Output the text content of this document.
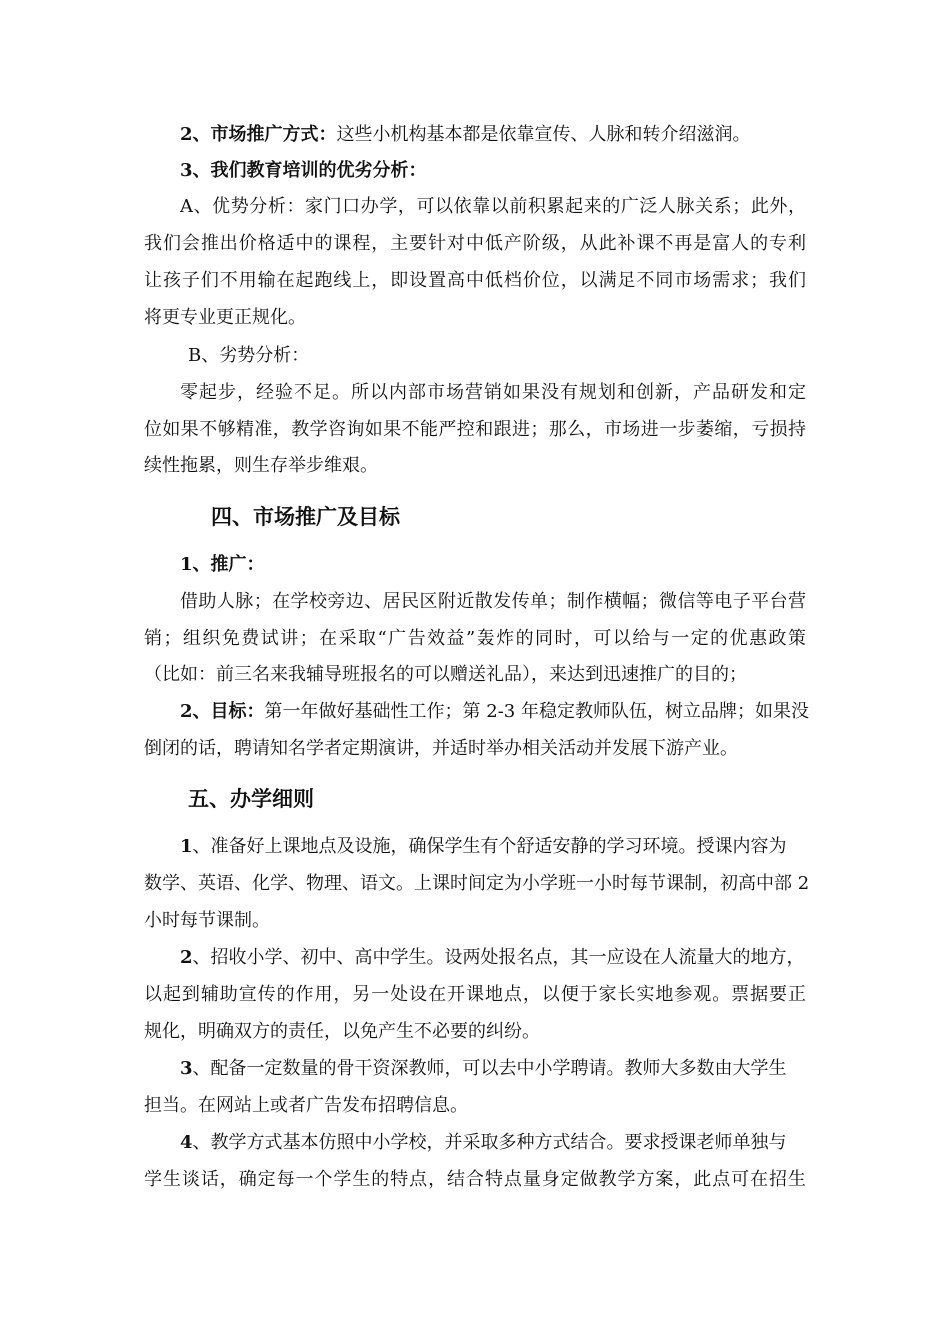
2、市场推广方式：这些小机构基本都是依靠宣传、人脉和转介绍滋润。
3、我们教育培训的优劣分析：
A、优势分析：家门口办学，可以依靠以前积累起来的广泛人脉关系；此外，
我们会推出价格适中的课程，主要针对中低产阶级，从此补课不再是富人的专利
让孩子们不用输在起跑线上，即设置高中低档价位，以满足不同市场需求；我们
将更专业更正规化。
B、劣势分析：
零起步，经验不足。所以内部市场营销如果没有规划和创新，产品研发和定
位如果不够精准，教学咨询如果不能严控和跟进；那么，市场进一步萎缩，亏损持
续性拖累，则生存举步维艰。
四、市场推广及目标
1、推广：
借助人脉；在学校旁边、居民区附近散发传单；制作横幅；微信等电子平台营
销；组织免费试讲；在采取“广告效益”轰炸的同时，可以给与一定的优惠政策
（比如：前三名来我辅导班报名的可以赠送礼品），来达到迅速推广的目的；
2、目标：第一年做好基础性工作；第 2-3 年稳定教师队伍，树立品牌；如果没
倒闭的话，聘请知名学者定期演讲，并适时举办相关活动并发展下游产业。
五、办学细则
1、准备好上课地点及设施，确保学生有个舒适安静的学习环境。授课内容为
数学、英语、化学、物理、语文。上课时间定为小学班一小时每节课制，初高中部 2
小时每节课制。
2、招收小学、初中、高中学生。设两处报名点，其一应设在人流量大的地方，
以起到辅助宣传的作用，另一处设在开课地点，以便于家长实地参观。票据要正
规化，明确双方的责任，以免产生不必要的纠纷。
3、配备一定数量的骨干资深教师，可以去中小学聘请。教师大多数由大学生
担当。在网站上或者广告发布招聘信息。
4、教学方式基本仿照中小学校，并采取多种方式结合。要求授课老师单独与
学生谈话，确定每一个学生的特点，结合特点量身定做教学方案，此点可在招生
